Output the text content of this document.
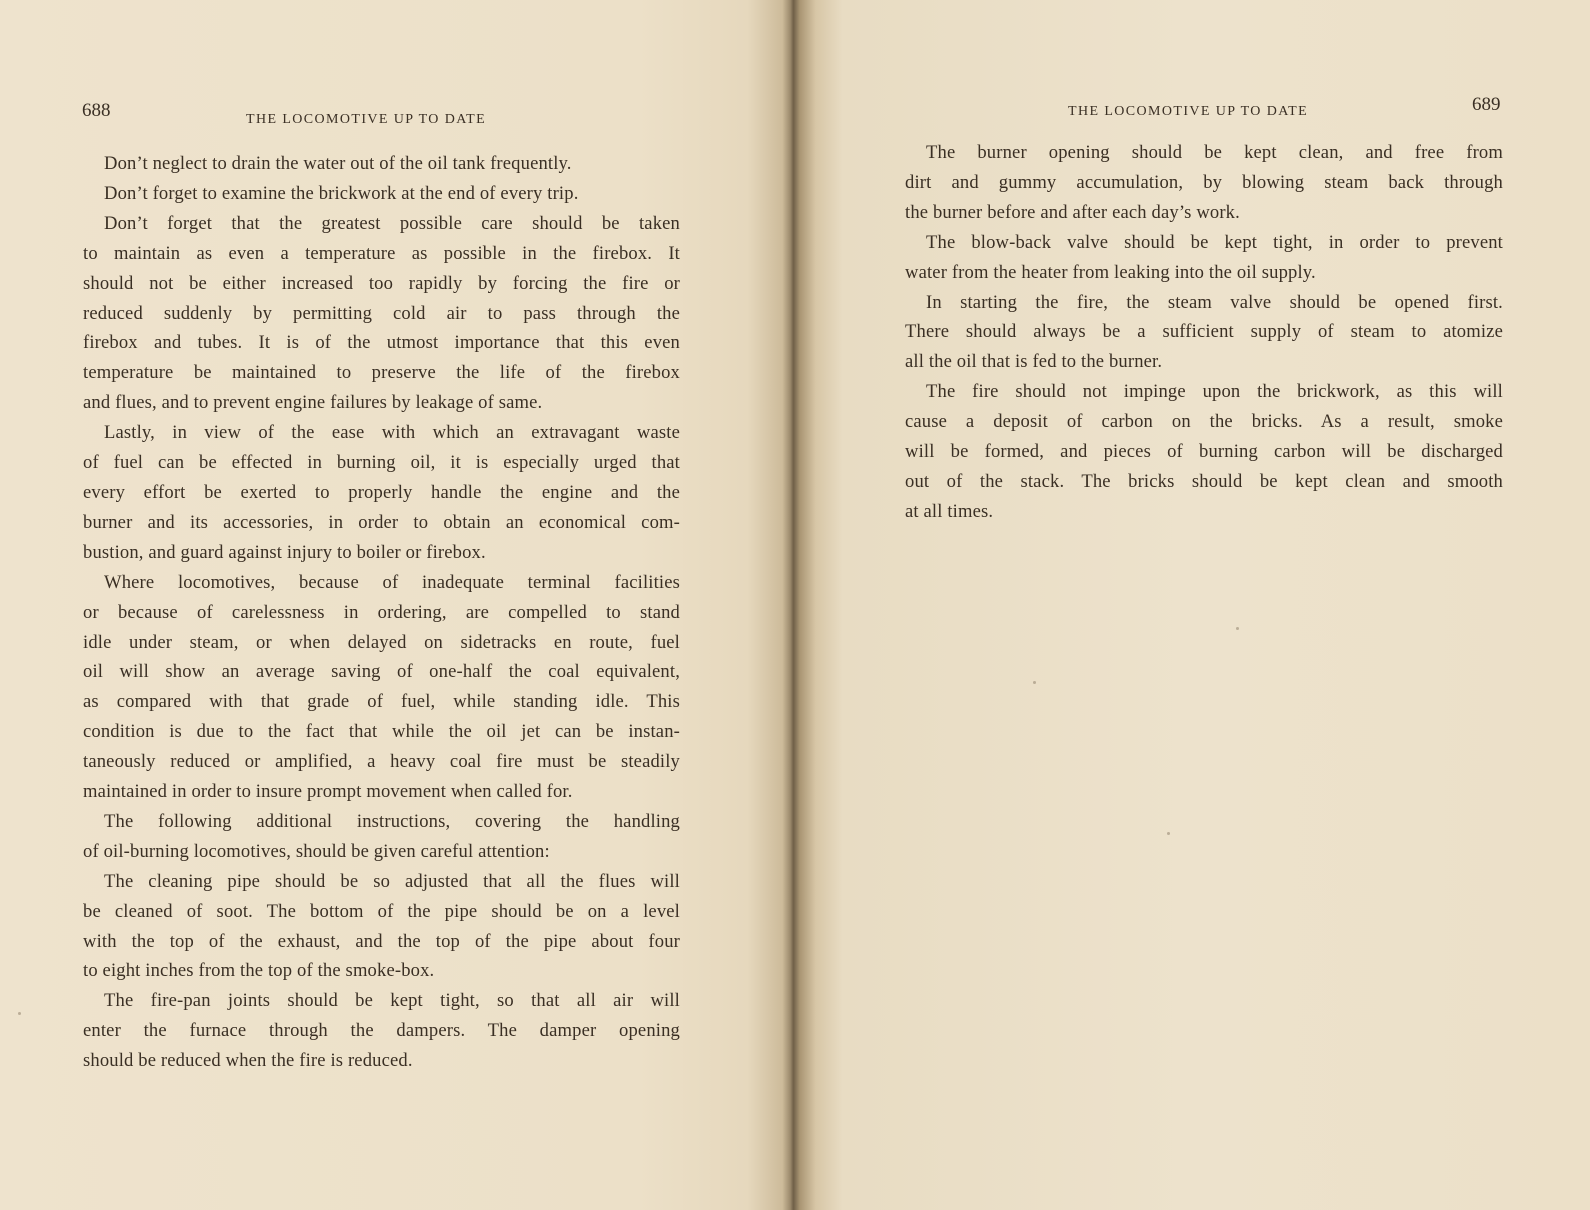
688	THE LOCOMOTIVE UP TO DATE

Don’t neglect to drain the water out of the oil tank frequently.

Don’t forget to examine the brickwork at the end of every trip.

Don’t forget that the greatest possible care should be taken
to maintain as even a temperature as possible in the firebox. It
should not be either increased too rapidly by forcing the fire or
reduced suddenly by permitting cold air to pass through the
firebox and tubes. It is of the utmost importance that this even
temperature be maintained to preserve the life of the firebox
and flues, and to prevent engine failures by leakage of same.

Lastly, in view of the ease with which an extravagant waste
of fuel can be effected in burning oil, it is especially urged that
every effort be exerted to properly handle the engine and the
burner and its accessories, in order to obtain an economical com-
bustion, and guard against injury to boiler or firebox.

Where locomotives, because of inadequate terminal facilities
or because of carelessness in ordering, are compelled to stand
idle under steam, or when delayed on sidetracks en route, fuel
oil will show an average saving of one-half the coal equivalent,
as compared with that grade of fuel, while standing idle. This
condition is due to the fact that while the oil jet can be instan-
taneously reduced or amplified, a heavy coal fire must be steadily
maintained in order to insure prompt movement when called for.

The following additional instructions, covering the handling
of oil-burning locomotives, should be given careful attention:

The cleaning pipe should be so adjusted that all the flues will
be cleaned of soot. The bottom of the pipe should be on a level
with the top of the exhaust, and the top of the pipe about four
to eight inches from the top of the smoke-box.

The fire-pan joints should be kept tight, so that all air will
enter the furnace through the dampers. The damper opening
should be reduced when the fire is reduced.

THE LOCOMOTIVE UP TO DATE	689

The burner opening should be kept clean, and free from
dirt and gummy accumulation, by blowing steam back through
the burner before and after each day’s work.

The blow-back valve should be kept tight, in order to prevent
water from the heater from leaking into the oil supply.

In starting the fire, the steam valve should be opened first.
There should always be a sufficient supply of steam to atomize
all the oil that is fed to the burner.

The fire should not impinge upon the brickwork, as this will
cause a deposit of carbon on the bricks. As a result, smoke
will be formed, and pieces of burning carbon will be discharged
out of the stack. The bricks should be kept clean and smooth
at all times.
